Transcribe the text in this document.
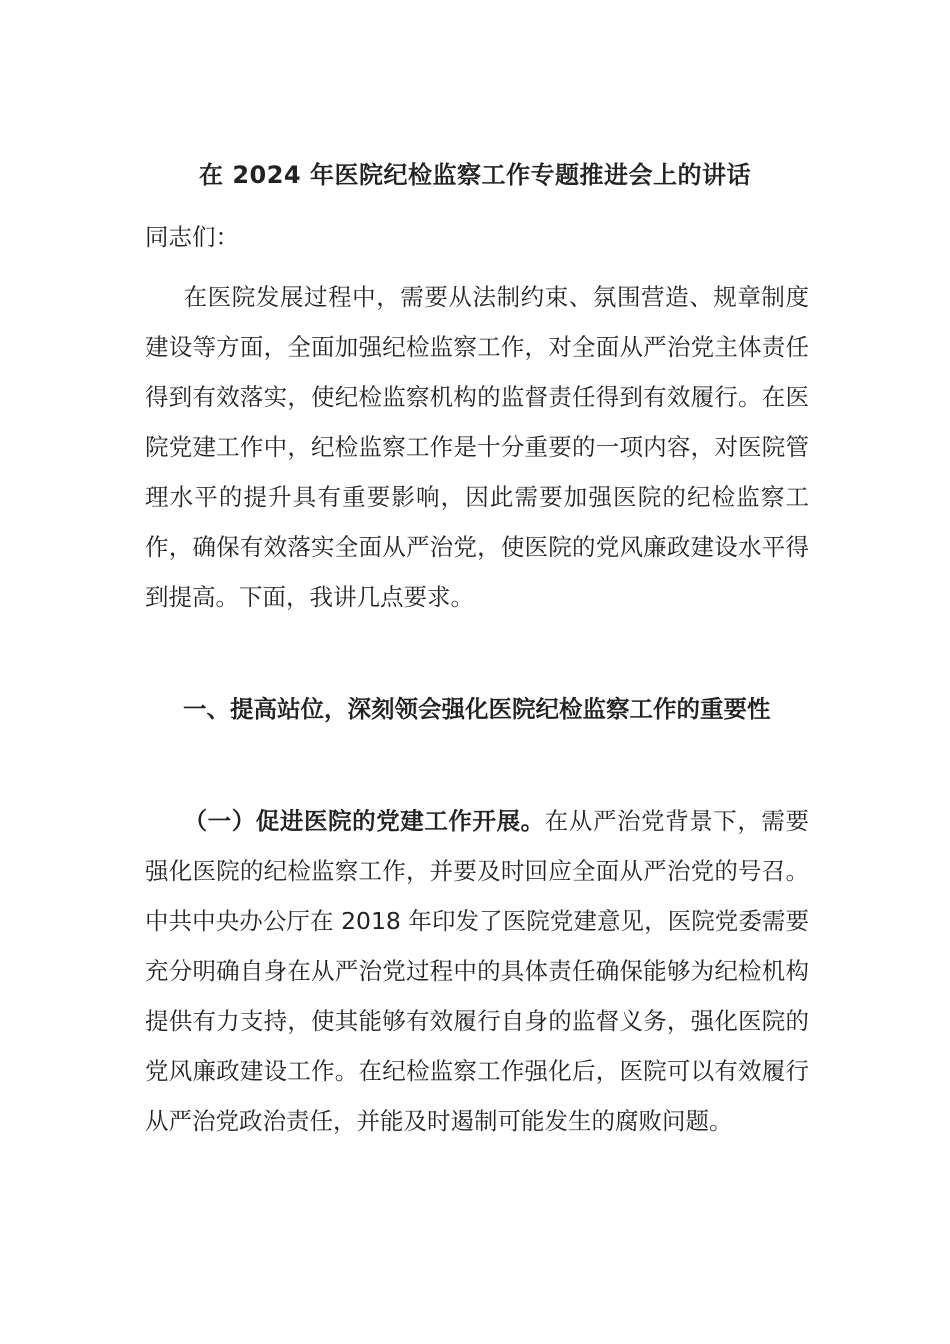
在 2024 年医院纪检监察工作专题推进会上的讲话
同志们：

在医院发展过程中，需要从法制约束、氛围营造、规章制度建设等方面，全面加强纪检监察工作，对全面从严治党主体责任得到有效落实，使纪检监察机构的监督责任得到有效履行。在医院党建工作中，纪检监察工作是十分重要的一项内容，对医院管理水平的提升具有重要影响，因此需要加强医院的纪检监察工作，确保有效落实全面从严治党，使医院的党风廉政建设水平得到提高。下面，我讲几点要求。

一、提高站位，深刻领会强化医院纪检监察工作的重要性

（一）促进医院的党建工作开展。在从严治党背景下，需要强化医院的纪检监察工作，并要及时回应全面从严治党的号召。中共中央办公厅在 2018 年印发了医院党建意见，医院党委需要充分明确自身在从严治党过程中的具体责任确保能够为纪检机构提供有力支持，使其能够有效履行自身的监督义务，强化医院的党风廉政建设工作。在纪检监察工作强化后，医院可以有效履行从严治党政治责任，并能及时遏制可能发生的腐败问题。
